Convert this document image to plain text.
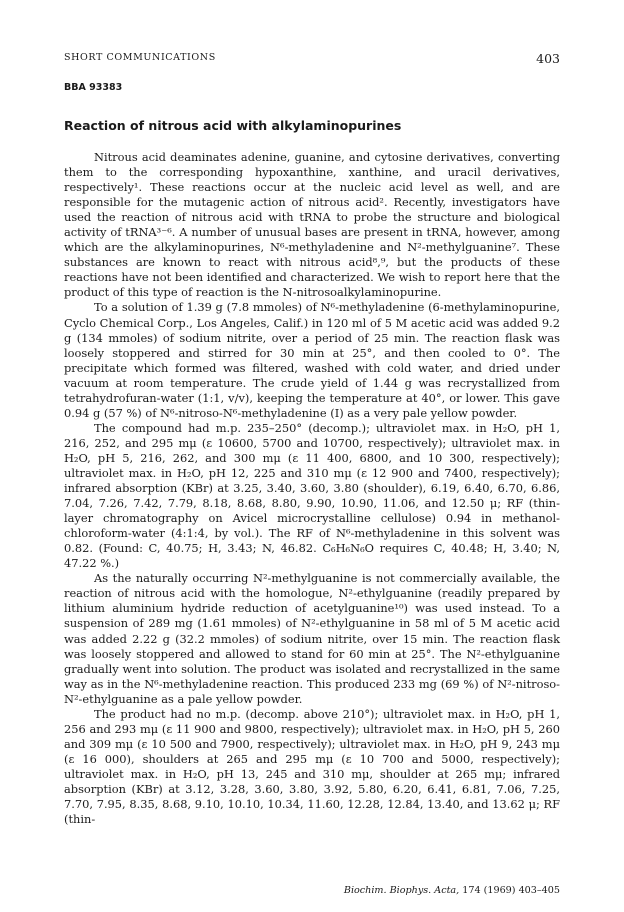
SHORT COMMUNICATIONS	403
BBA 93383
Reaction of nitrous acid with alkylaminopurines

Nitrous acid deaminates adenine, guanine, and cytosine derivatives, converting them to the corresponding hypoxanthine, xanthine, and uracil derivatives, respectively¹. These reactions occur at the nucleic acid level as well, and are responsible for the mutagenic action of nitrous acid². Recently, investigators have used the reaction of nitrous acid with tRNA to probe the structure and biological activity of tRNA³⁻⁶. A number of unusual bases are present in tRNA, however, among which are the alkylaminopurines, N⁶-methyladenine and N²-methylguanine⁷. These substances are known to react with nitrous acid⁸,⁹, but the products of these reactions have not been identified and characterized. We wish to report here that the product of this type of reaction is the N-nitrosoalkylaminopurine.

To a solution of 1.39 g (7.8 mmoles) of N⁶-methyladenine (6-methylaminopurine, Cyclo Chemical Corp., Los Angeles, Calif.) in 120 ml of 5 M acetic acid was added 9.2 g (134 mmoles) of sodium nitrite, over a period of 25 min. The reaction flask was loosely stoppered and stirred for 30 min at 25°, and then cooled to 0°. The precipitate which formed was filtered, washed with cold water, and dried under vacuum at room temperature. The crude yield of 1.44 g was recrystallized from tetrahydrofuran-water (1:1, v/v), keeping the temperature at 40°, or lower. This gave 0.94 g (57 %) of N⁶-nitroso-N⁶-methyladenine (I) as a very pale yellow powder.

The compound had m.p. 235–250° (decomp.); ultraviolet max. in H₂O, pH 1, 216, 252, and 295 mμ (ε 10600, 5700 and 10700, respectively); ultraviolet max. in H₂O, pH 5, 216, 262, and 300 mμ (ε 11 400, 6800, and 10 300, respectively); ultraviolet max. in H₂O, pH 12, 225 and 310 mμ (ε 12 900 and 7400, respectively); infrared absorption (KBr) at 3.25, 3.40, 3.60, 3.80 (shoulder), 6.19, 6.40, 6.70, 6.86, 7.04, 7.26, 7.42, 7.79, 8.18, 8.68, 8.80, 9.90, 10.90, 11.06, and 12.50 μ; RF (thin-layer chromatography on Avicel microcrystalline cellulose) 0.94 in methanol-chloroform-water (4:1:4, by vol.). The RF of N⁶-methyladenine in this solvent was 0.82. (Found: C, 40.75; H, 3.43; N, 46.82. C₆H₆N₆O requires C, 40.48; H, 3.40; N, 47.22 %.)

As the naturally occurring N²-methylguanine is not commercially available, the reaction of nitrous acid with the homologue, N²-ethylguanine (readily prepared by lithium aluminium hydride reduction of acetylguanine¹⁰) was used instead. To a suspension of 289 mg (1.61 mmoles) of N²-ethylguanine in 58 ml of 5 M acetic acid was added 2.22 g (32.2 mmoles) of sodium nitrite, over 15 min. The reaction flask was loosely stoppered and allowed to stand for 60 min at 25°. The N²-ethylguanine gradually went into solution. The product was isolated and recrystallized in the same way as in the N⁶-methyladenine reaction. This produced 233 mg (69 %) of N²-nitroso-N²-ethylguanine as a pale yellow powder.

The product had no m.p. (decomp. above 210°); ultraviolet max. in H₂O, pH 1, 256 and 293 mμ (ε 11 900 and 9800, respectively); ultraviolet max. in H₂O, pH 5, 260 and 309 mμ (ε 10 500 and 7900, respectively); ultraviolet max. in H₂O, pH 9, 243 mμ (ε 16 000), shoulders at 265 and 295 mμ (ε 10 700 and 5000, respectively); ultraviolet max. in H₂O, pH 13, 245 and 310 mμ, shoulder at 265 mμ; infrared absorption (KBr) at 3.12, 3.28, 3.60, 3.80, 3.92, 5.80, 6.20, 6.41, 6.81, 7.06, 7.25, 7.70, 7.95, 8.35, 8.68, 9.10, 10.10, 10.34, 11.60, 12.28, 12.84, 13.40, and 13.62 μ; RF (thin-

Biochim. Biophys. Acta, 174 (1969) 403–405
